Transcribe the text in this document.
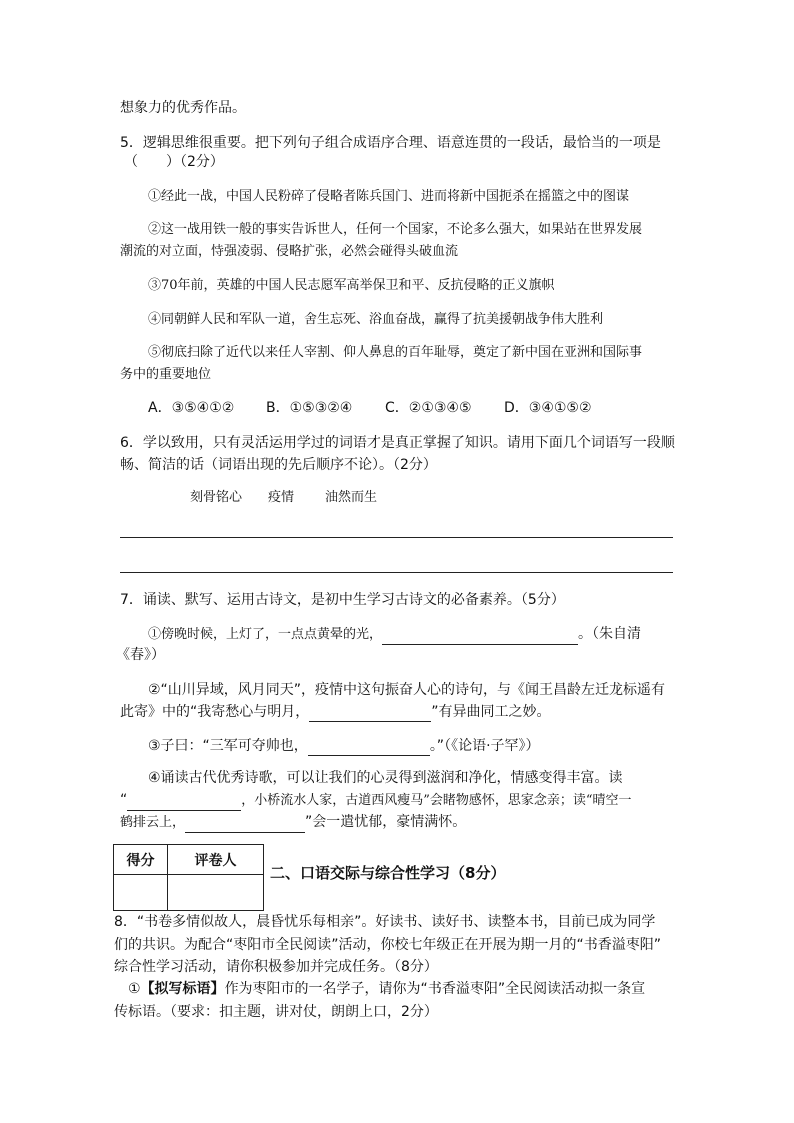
想象力的优秀作品。
5．逻辑思维很重要。把下列句子组合成语序合理、语意连贯的一段话，最恰当的一项是
（　　）（2分）
①经此一战，中国人民粉碎了侵略者陈兵国门、进而将新中国扼杀在摇篮之中的图谋
②这一战用铁一般的事实告诉世人，任何一个国家，不论多么强大，如果站在世界发展
潮流的对立面，恃强凌弱、侵略扩张，必然会碰得头破血流
③70年前，英雄的中国人民志愿军高举保卫和平、反抗侵略的正义旗帜
④同朝鲜人民和军队一道，舍生忘死、浴血奋战，赢得了抗美援朝战争伟大胜利
⑤彻底扫除了近代以来任人宰割、仰人鼻息的百年耻辱，奠定了新中国在亚洲和国际事
务中的重要地位
A．③⑤④①② B．①⑤③②④ C．②①③④⑤ D．③④①⑤②
6．学以致用，只有灵活运用学过的词语才是真正掌握了知识。请用下面几个词语写一段顺
畅、简洁的话（词语出现的先后顺序不论）。（2分）
刻骨铭心 疫情 油然而生
7．诵读、默写、运用古诗文，是初中生学习古诗文的必备素养。（5分）
①傍晚时候，上灯了，一点点黄晕的光，	。（朱自清
《春》）
②“山川异域，风月同天”，疫情中这句振奋人心的诗句，与《闻王昌龄左迁龙标遥有
此寄》中的“我寄愁心与明月，	”有异曲同工之妙。
③子曰：“三军可夺帅也，	。”（《论语·子罕》）
④诵读古代优秀诗歌，可以让我们的心灵得到滋润和净化，情感变得丰富。读
“	，小桥流水人家，古道西风瘦马”会睹物感怀，思家念亲；读“晴空一
鹤排云上，	”会一遣忧郁，豪情满怀。
得分	评卷人

二、口语交际与综合性学习（8分）
8．“书卷多情似故人，晨昏忧乐每相亲”。好读书、读好书、读整本书，目前已成为同学
们的共识。为配合“枣阳市全民阅读”活动，你校七年级正在开展为期一月的“书香溢枣阳”
综合性学习活动，请你积极参加并完成任务。（8分）
①【拟写标语】作为枣阳市的一名学子，请你为“书香溢枣阳”全民阅读活动拟一条宣
传标语。（要求：扣主题，讲对仗，朗朗上口，2分）
